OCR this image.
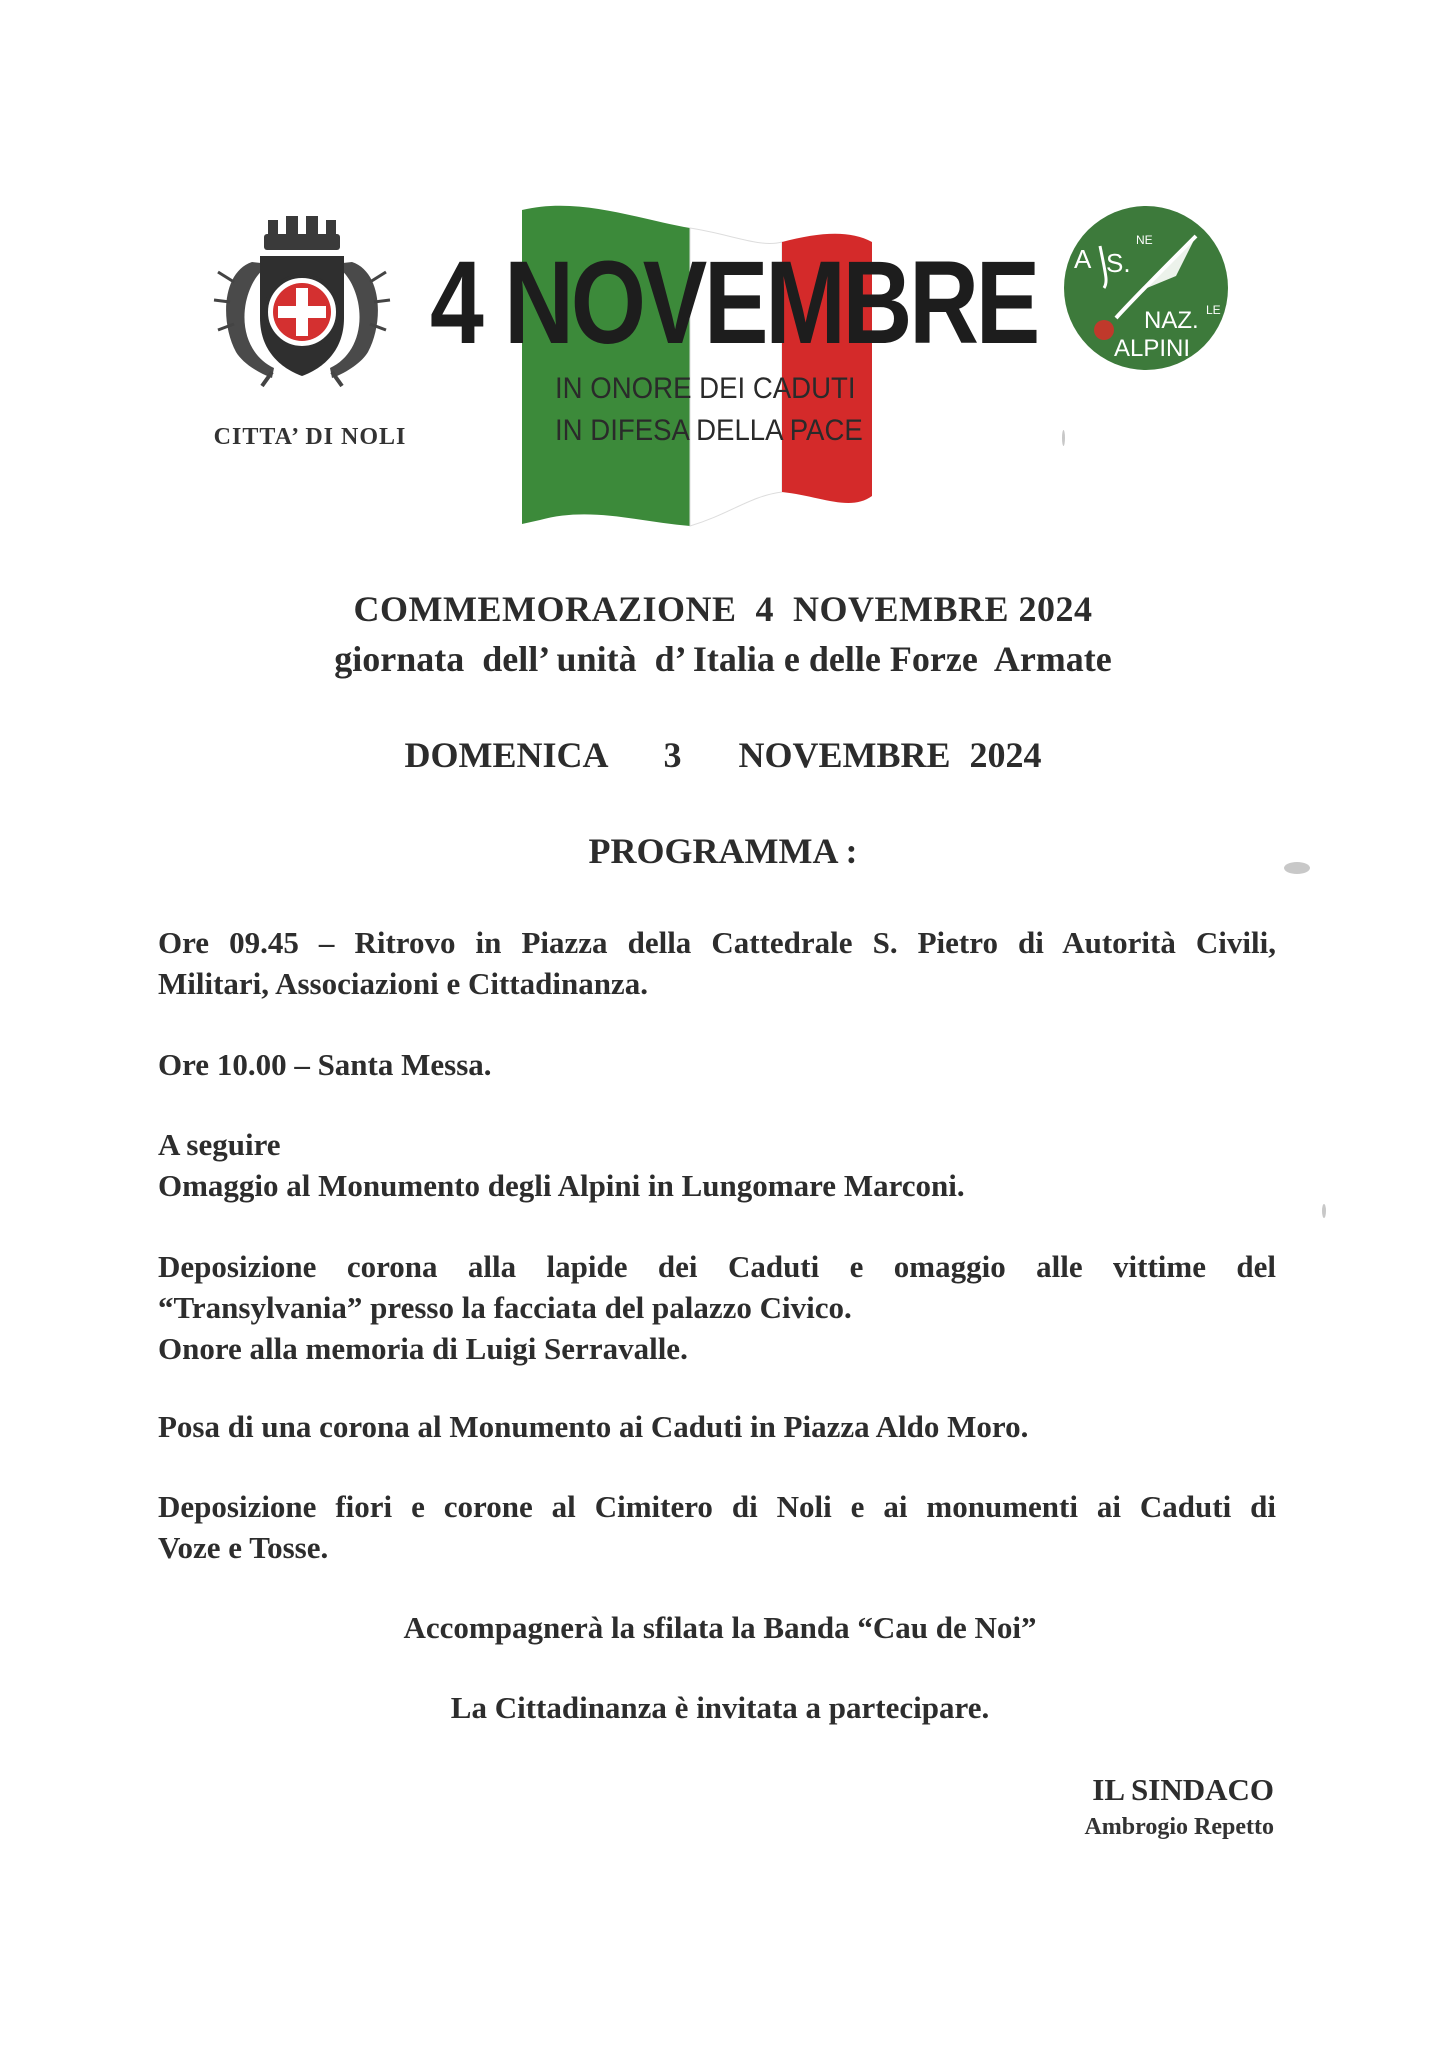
CITTA’ DI NOLI
4 NOVEMBRE
IN ONORE DEI CADUTI
IN DIFESA DELLA PACE
A S.
NE
NAZ. LE
ALPINI
COMMEMORAZIONE  4  NOVEMBRE 2024
giornata  dell’ unità  d’ Italia e delle Forze  Armate
DOMENICA   3   NOVEMBRE 2024
PROGRAMMA :
Ore 09.45 – Ritrovo in Piazza della Cattedrale S. Pietro di Autorità Civili,
Militari, Associazioni e Cittadinanza.
Ore 10.00 – Santa Messa.
A seguire
Omaggio al Monumento degli Alpini in Lungomare Marconi.
Deposizione corona alla lapide dei Caduti e omaggio alle vittime del
“Transylvania” presso la facciata del palazzo Civico.
Onore alla memoria di Luigi Serravalle.
Posa di una corona al Monumento ai Caduti in Piazza Aldo Moro.
Deposizione fiori e corone al Cimitero di Noli e ai monumenti ai Caduti di
Voze e Tosse.
Accompagnerà la sfilata la Banda “Cau de Noi”
La Cittadinanza è invitata a partecipare.
IL SINDACO
Ambrogio Repetto
